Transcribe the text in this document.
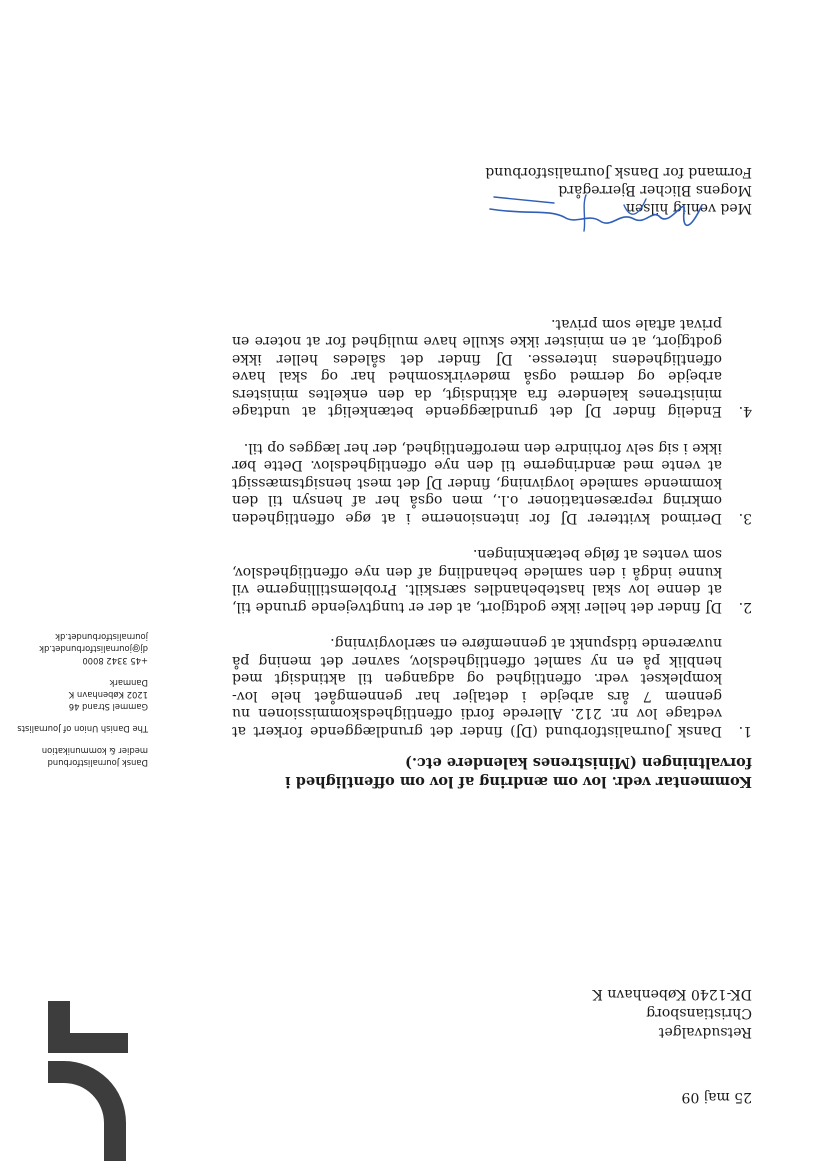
25 maj 09
Retsudvalget
Christiansborg
DK-1240 København K
Dansk Journalistforbund
medier & kommunikation
The Danish Union of Journalists
Gammel Strand 46
1202 København K
Danmark
+45 3342 8000
dj@journalistforbundet.dk
journalistforbundet.dk
Kommentar vedr. lov om ændring af lov om offentlighed i forvaltningen (Ministrenes kalendere etc.)
1.
Dansk Journalistforbund (DJ) finder det grundlæggende forkert at vedtage lov nr. 212. Allerede fordi offentlighedskommissionen nu gennem 7 års arbejde i detaljer har gennemgået hele lov-komplekset vedr. offentlighed og adgangen til aktindsigt med henblik på en ny samlet offentlighedslov, savner det mening på nuværende tidspunkt at gennemføre en særlovgivning.
2.
DJ finder det heller ikke godtgjort, at der er tungtvejende grunde til, at denne lov skal hastebehandles særskilt. Problemstillingerne vil kunne indgå i den samlede behandling af den nye offentlighedslov, som ventes at følge betænkningen.
3.
Derimod kvitterer DJ for intensionerne i at øge offentligheden omkring repræsentationer o.l., men også her af hensyn til den kommende samlede lovgivning, finder DJ det mest hensigtsmæssigt at vente med ændringerne til den nye offentlighedslov. Dette bør ikke i sig selv forhindre den meroffentlighed, der her lægges op til.
4.
Endelig finder DJ det grundlæggende betænkeligt at undtage ministrenes kalendere fra aktindsigt, da den enkeltes ministers arbejde og dermed også mødevirksomhed har og skal have offentlighedens interesse. DJ finder det således heller ikke godtgjort, at en minister ikke skulle have mulighed for at notere en privat aftale som privat.
Med venlig hilsen
Mogens Blicher Bjerregård
Formand for Dansk Journalistforbund
